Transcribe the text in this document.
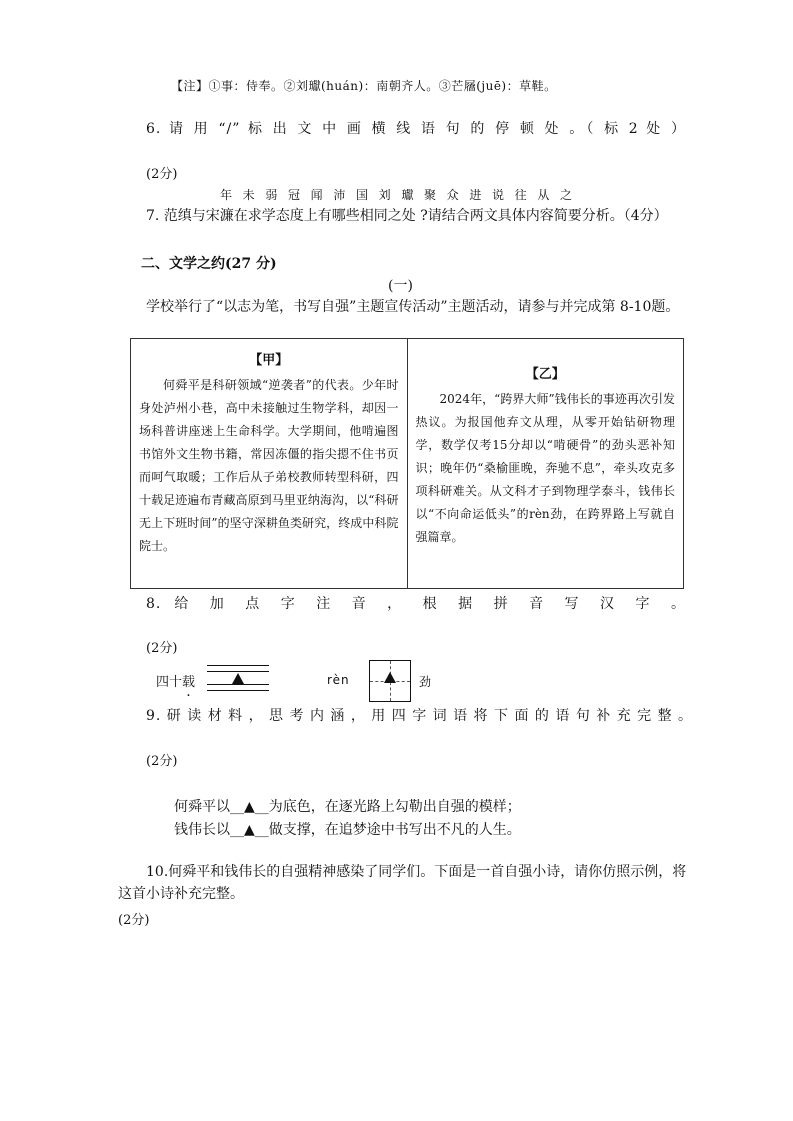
【注】①事：侍奉。②刘瓛(huán)：南朝齐人。③芒屩(juē)：草鞋。
6. 请 用 “/” 标 出 文 中 画 横 线 语 句 的 停 顿 处 。（ 标 2 处 ）
(2分)
年 未 弱 冠 闻 沛 国 刘 瓛 聚 众 进 说 往 从 之
7. 范缜与宋濂在求学态度上有哪些相同之处 ?请结合两文具体内容简要分析。（4分）
二、文学之约(27 分)
(一)
学校举行了“以志为笔，书写自强”主题宣传活动”主题活动，请参与并完成第 8-10题。
【甲】
何舜平是科研领域“逆袭者”的代表。少年时身处泸州小巷，高中未接触过生物学科，却因一场科普讲座迷上生命科学。大学期间，他啃遍图书馆外文生物书籍，常因冻僵的指尖摁不住书页而呵气取暖；工作后从子弟校教师转型科研，四十载足迹遍布青藏高原到马里亚纳海沟，以“科研无上下班时间”的坚守深耕鱼类研究，终成中科院院士。

【乙】
2024年，“跨界大师”钱伟长的事迹再次引发热议。为报国他弃文从理，从零开始钻研物理学，数学仅考15分却以“啃硬骨”的劲头恶补知识；晚年仍“桑榆匪晚，奔驰不息”，牵头攻克多项科研难关。从文科才子到物理学泰斗，钱伟长以“不向命运低头”的rèn劲，在跨界路上写就自强篇章。
8. 给 加 点 字 注 音 ， 根 据 拼 音 写 汉 字 。
(2分)
四十载	rèn	劲
9. 研 读 材 料 ， 思 考 内 涵 ， 用 四 字 词 语 将 下 面 的 语 句 补 充 完 整 。
(2分)
何舜平以__▲__为底色，在逐光路上勾勒出自强的模样；
钱伟长以__▲__做支撑，在追梦途中书写出不凡的人生。
10.何舜平和钱伟长的自强精神感染了同学们。下面是一首自强小诗，请你仿照示例，将这首小诗补充完整。
(2分)
